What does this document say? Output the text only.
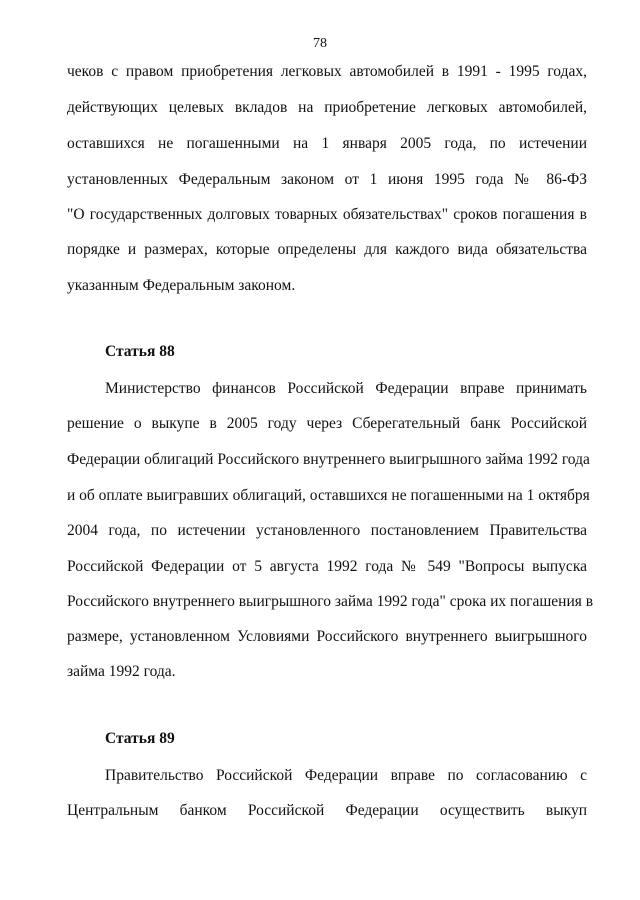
78
чеков с правом приобретения легковых автомобилей в 1991 - 1995 годах,
действующих целевых вкладов на приобретение легковых автомобилей,
оставшихся не погашенными на 1 января 2005 года, по истечении
установленных Федеральным законом от 1 июня 1995 года № 86-ФЗ
"О государственных долговых товарных обязательствах" сроков погашения в
порядке и размерах, которые определены для каждого вида обязательства
указанным Федеральным законом.
Статья 88
Министерство финансов Российской Федерации вправе принимать
решение о выкупе в 2005 году через Сберегательный банк Российской
Федерации облигаций Российского внутреннего выигрышного займа 1992 года
и об оплате выигравших облигаций, оставшихся не погашенными на 1 октября
2004 года, по истечении установленного постановлением Правительства
Российской Федерации от 5 августа 1992 года № 549 "Вопросы выпуска
Российского внутреннего выигрышного займа 1992 года" срока их погашения в
размере, установленном Условиями Российского внутреннего выигрышного
займа 1992 года.
Статья 89
Правительство Российской Федерации вправе по согласованию с
Центральным банком Российской Федерации осуществить выкуп
